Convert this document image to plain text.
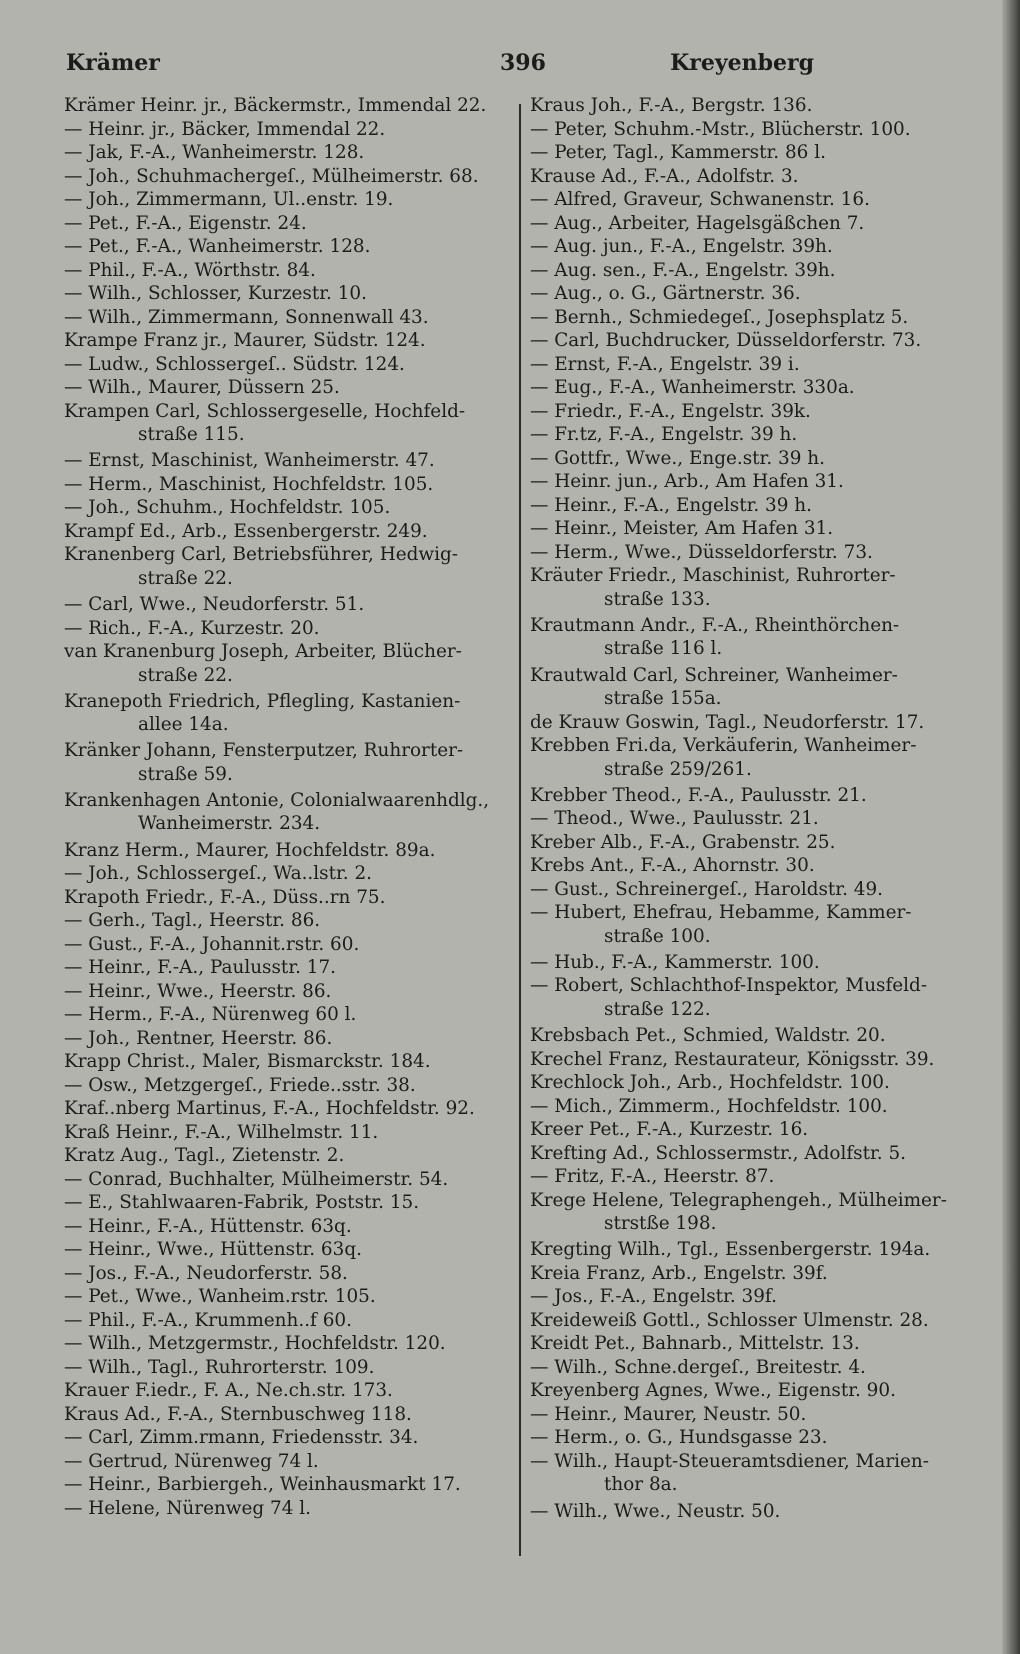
Krämer	396	Kreyenberg
Krämer Heinr. jr., Bäckermstr., Immendal 22.
— Heinr. jr., Bäcker, Immendal 22.
— Jak, F.-A., Wanheimerstr. 128.
— Joh., Schuhmachergeſ., Mülheimerstr. 68.
— Joh., Zimmermann, Ul..enstr. 19.
— Pet., F.-A., Eigenstr. 24.
— Pet., F.-A., Wanheimerstr. 128.
— Phil., F.-A., Wörthstr. 84.
— Wilh., Schlosser, Kurzestr. 10.
— Wilh., Zimmermann, Sonnenwall 43.
Krampe Franz jr., Maurer, Südstr. 124.
— Ludw., Schlossergeſ.. Südstr. 124.
— Wilh., Maurer, Düssern 25.
Krampen Carl, Schlossergeselle, Hochfeld-
straße 115.
— Ernst, Maschinist, Wanheimerstr. 47.
— Herm., Maschinist, Hochfeldstr. 105.
— Joh., Schuhm., Hochfeldstr. 105.
Krampf Ed., Arb., Essenbergerstr. 249.
Kranenberg Carl, Betriebsführer, Hedwig-
straße 22.
— Carl, Wwe., Neudorferstr. 51.
— Rich., F.-A., Kurzestr. 20.
van Kranenburg Joseph, Arbeiter, Blücher-
straße 22.
Kranepoth Friedrich, Pflegling, Kastanien-
allee 14a.
Kränker Johann, Fensterputzer, Ruhrorter-
straße 59.
Krankenhagen Antonie, Colonialwaarenhdlg.,
Wanheimerstr. 234.
Kranz Herm., Maurer, Hochfeldstr. 89a.
— Joh., Schlossergeſ., Wa..lstr. 2.
Krapoth Friedr., F.-A., Düss..rn 75.
— Gerh., Tagl., Heerstr. 86.
— Gust., F.-A., Johannit.rstr. 60.
— Heinr., F.-A., Paulusstr. 17.
— Heinr., Wwe., Heerstr. 86.
— Herm., F.-A., Nürenweg 60 l.
— Joh., Rentner, Heerstr. 86.
Krapp Christ., Maler, Bismarckstr. 184.
— Osw., Metzgergeſ., Friede..sstr. 38.
Kraf..nberg Martinus, F.-A., Hochfeldstr. 92.
Kraß Heinr., F.-A., Wilhelmstr. 11.
Kratz Aug., Tagl., Zietenstr. 2.
— Conrad, Buchhalter, Mülheimerstr. 54.
— E., Stahlwaaren-Fabrik, Poststr. 15.
— Heinr., F.-A., Hüttenstr. 63q.
— Heinr., Wwe., Hüttenstr. 63q.
— Jos., F.-A., Neudorferstr. 58.
— Pet., Wwe., Wanheim.rstr. 105.
— Phil., F.-A., Krummenh..f 60.
— Wilh., Metzgermstr., Hochfeldstr. 120.
— Wilh., Tagl., Ruhrorterstr. 109.
Krauer F.iedr., F. A., Ne.ch.str. 173.
Kraus Ad., F.-A., Sternbuschweg 118.
— Carl, Zimm.rmann, Friedensstr. 34.
— Gertrud, Nürenweg 74 l.
— Heinr., Barbiergeh., Weinhausmarkt 17.
— Helene, Nürenweg 74 l.
Kraus Joh., F.-A., Bergstr. 136.
— Peter, Schuhm.-Mstr., Blücherstr. 100.
— Peter, Tagl., Kammerstr. 86 l.
Krause Ad., F.-A., Adolfstr. 3.
— Alfred, Graveur, Schwanenstr. 16.
— Aug., Arbeiter, Hagelsgäßchen 7.
— Aug. jun., F.-A., Engelstr. 39h.
— Aug. sen., F.-A., Engelstr. 39h.
— Aug., o. G., Gärtnerstr. 36.
— Bernh., Schmiedegeſ., Josephsplatz 5.
— Carl, Buchdrucker, Düsseldorferstr. 73.
— Ernst, F.-A., Engelstr. 39 i.
— Eug., F.-A., Wanheimerstr. 330a.
— Friedr., F.-A., Engelstr. 39k.
— Fr.tz, F.-A., Engelstr. 39 h.
— Gottfr., Wwe., Enge.str. 39 h.
— Heinr. jun., Arb., Am Hafen 31.
— Heinr., F.-A., Engelstr. 39 h.
— Heinr., Meister, Am Hafen 31.
— Herm., Wwe., Düsseldorferstr. 73.
Kräuter Friedr., Maschinist, Ruhrorter-
straße 133.
Krautmann Andr., F.-A., Rheinthörchen-
straße 116 l.
Krautwald Carl, Schreiner, Wanheimer-
straße 155a.
de Krauw Goswin, Tagl., Neudorferstr. 17.
Krebben Fri.da, Verkäuferin, Wanheimer-
straße 259/261.
Krebber Theod., F.-A., Paulusstr. 21.
— Theod., Wwe., Paulusstr. 21.
Kreber Alb., F.-A., Grabenstr. 25.
Krebs Ant., F.-A., Ahornstr. 30.
— Gust., Schreinergeſ., Haroldstr. 49.
— Hubert, Ehefrau, Hebamme, Kammer-
straße 100.
— Hub., F.-A., Kammerstr. 100.
— Robert, Schlachthof-Inspektor, Musfeld-
straße 122.
Krebsbach Pet., Schmied, Waldstr. 20.
Krechel Franz, Restaurateur, Königsstr. 39.
Krechlock Joh., Arb., Hochfeldstr. 100.
— Mich., Zimmerm., Hochfeldstr. 100.
Kreer Pet., F.-A., Kurzestr. 16.
Krefting Ad., Schlossermstr., Adolfstr. 5.
— Fritz, F.-A., Heerstr. 87.
Krege Helene, Telegraphengeh., Mülheimer-
strstße 198.
Kregting Wilh., Tgl., Essenbergerstr. 194a.
Kreia Franz, Arb., Engelstr. 39f.
— Jos., F.-A., Engelstr. 39f.
Kreideweiß Gottl., Schlosser Ulmenstr. 28.
Kreidt Pet., Bahnarb., Mittelstr. 13.
— Wilh., Schne.dergeſ., Breitestr. 4.
Kreyenberg Agnes, Wwe., Eigenstr. 90.
— Heinr., Maurer, Neustr. 50.
— Herm., o. G., Hundsgasse 23.
— Wilh., Haupt-Steueramtsdiener, Marien-
thor 8a.
— Wilh., Wwe., Neustr. 50.
